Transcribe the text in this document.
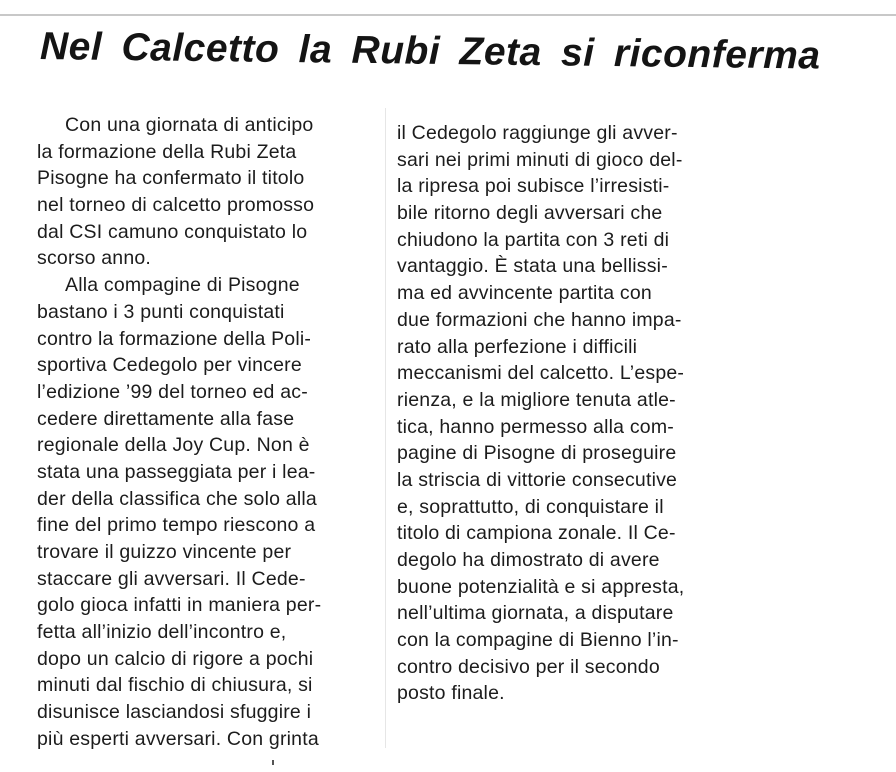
Nel Calcetto la Rubi Zeta si riconferma
Con una giornata di anticipo
la formazione della Rubi Zeta
Pisogne ha confermato il titolo
nel torneo di calcetto promosso
dal CSI camuno conquistato lo
scorso anno.
Alla compagine di Pisogne
bastano i 3 punti conquistati
contro la formazione della Poli-
sportiva Cedegolo per vincere
l’edizione ’99 del torneo ed ac-
cedere direttamente alla fase
regionale della Joy Cup. Non è
stata una passeggiata per i lea-
der della classifica che solo alla
fine del primo tempo riescono a
trovare il guizzo vincente per
staccare gli avversari. Il Cede-
golo gioca infatti in maniera per-
fetta all’inizio dell’incontro e,
dopo un calcio di rigore a pochi
minuti dal fischio di chiusura, si
disunisce lasciandosi sfuggire i
più esperti avversari. Con grinta
il Cedegolo raggiunge gli avver-
sari nei primi minuti di gioco del-
la ripresa poi subisce l’irresisti-
bile ritorno degli avversari che
chiudono la partita con 3 reti di
vantaggio. È stata una bellissi-
ma ed avvincente partita con
due formazioni che hanno impa-
rato alla perfezione i difficili
meccanismi del calcetto. L’espe-
rienza, e la migliore tenuta atle-
tica, hanno permesso alla com-
pagine di Pisogne di proseguire
la striscia di vittorie consecutive
e, soprattutto, di conquistare il
titolo di campiona zonale. Il Ce-
degolo ha dimostrato di avere
buone potenzialità e si appresta,
nell’ultima giornata, a disputare
con la compagine di Bienno l’in-
contro decisivo per il secondo
posto finale.
